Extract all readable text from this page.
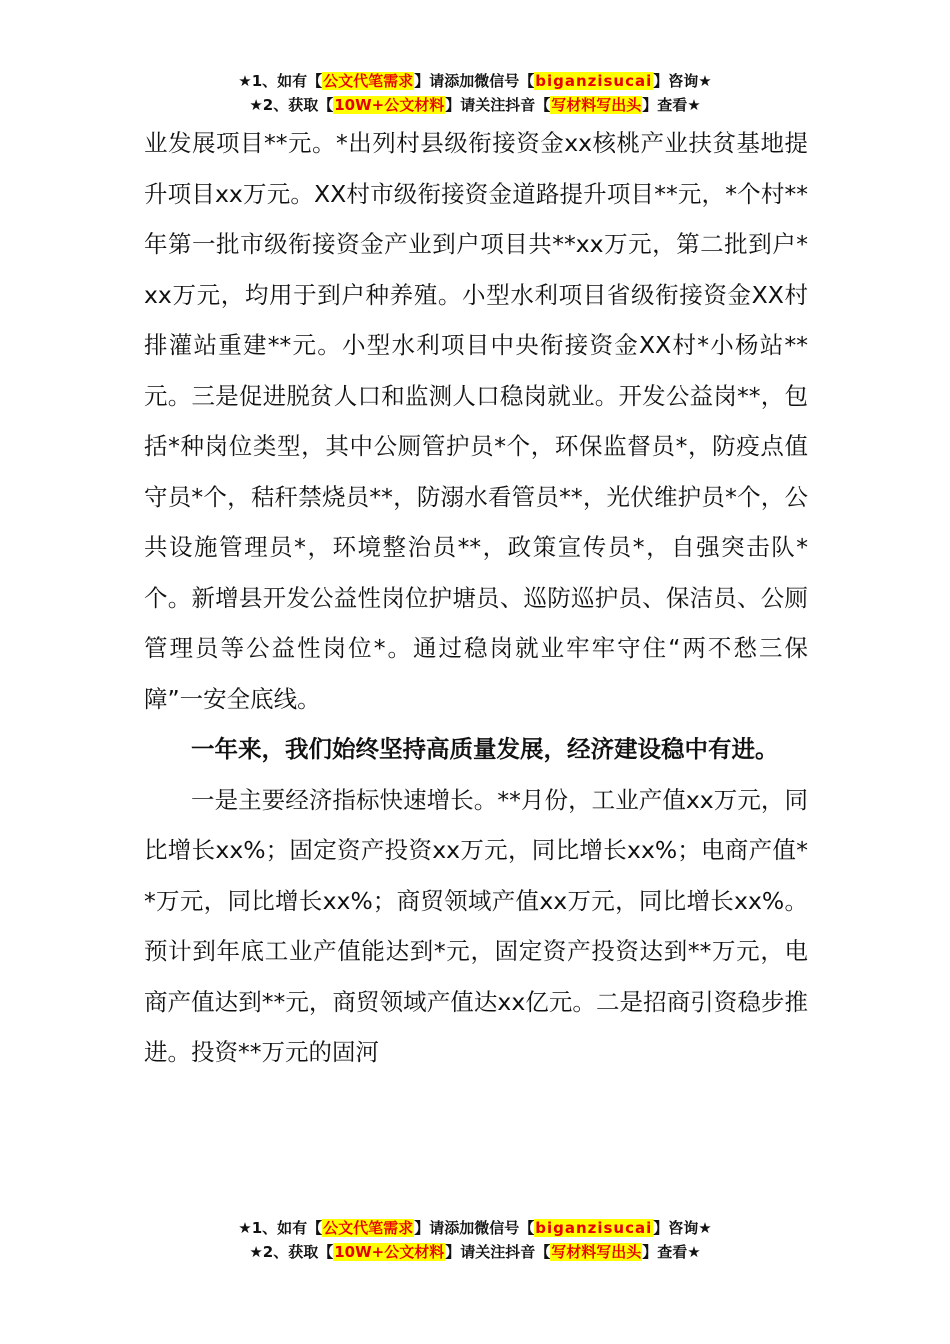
★1、如有【公文代笔需求】请添加微信号【biganzisucai】咨询★
★2、获取【10W+公文材料】请关注抖音【写材料写出头】查看★

业发展项目**元。*出列村县级衔接资金xx核桃产业扶贫基地提升项目xx万元。XX村市级衔接资金道路提升项目**元，*个村**年第一批市级衔接资金产业到户项目共**xx万元，第二批到户*xx万元，均用于到户种养殖。小型水利项目省级衔接资金XX村排灌站重建**元。小型水利项目中央衔接资金XX村*小杨站**元。三是促进脱贫人口和监测人口稳岗就业。开发公益岗**，包括*种岗位类型，其中公厕管护员*个，环保监督员*，防疫点值守员*个，秸秆禁烧员**，防溺水看管员**，光伏维护员*个，公共设施管理员*，环境整治员**，政策宣传员*，自强突击队*个。新增县开发公益性岗位护塘员、巡防巡护员、保洁员、公厕管理员等公益性岗位*。通过稳岗就业牢牢守住“两不愁三保障”一安全底线。

一年来，我们始终坚持高质量发展，经济建设稳中有进。

一是主要经济指标快速增长。**月份，工业产值xx万元，同比增长xx%；固定资产投资xx万元，同比增长xx%；电商产值**万元，同比增长xx%；商贸领域产值xx万元，同比增长xx%。预计到年底工业产值能达到*元，固定资产投资达到**万元，电商产值达到**元，商贸领域产值达xx亿元。二是招商引资稳步推进。投资**万元的固河

★1、如有【公文代笔需求】请添加微信号【biganzisucai】咨询★
★2、获取【10W+公文材料】请关注抖音【写材料写出头】查看★
